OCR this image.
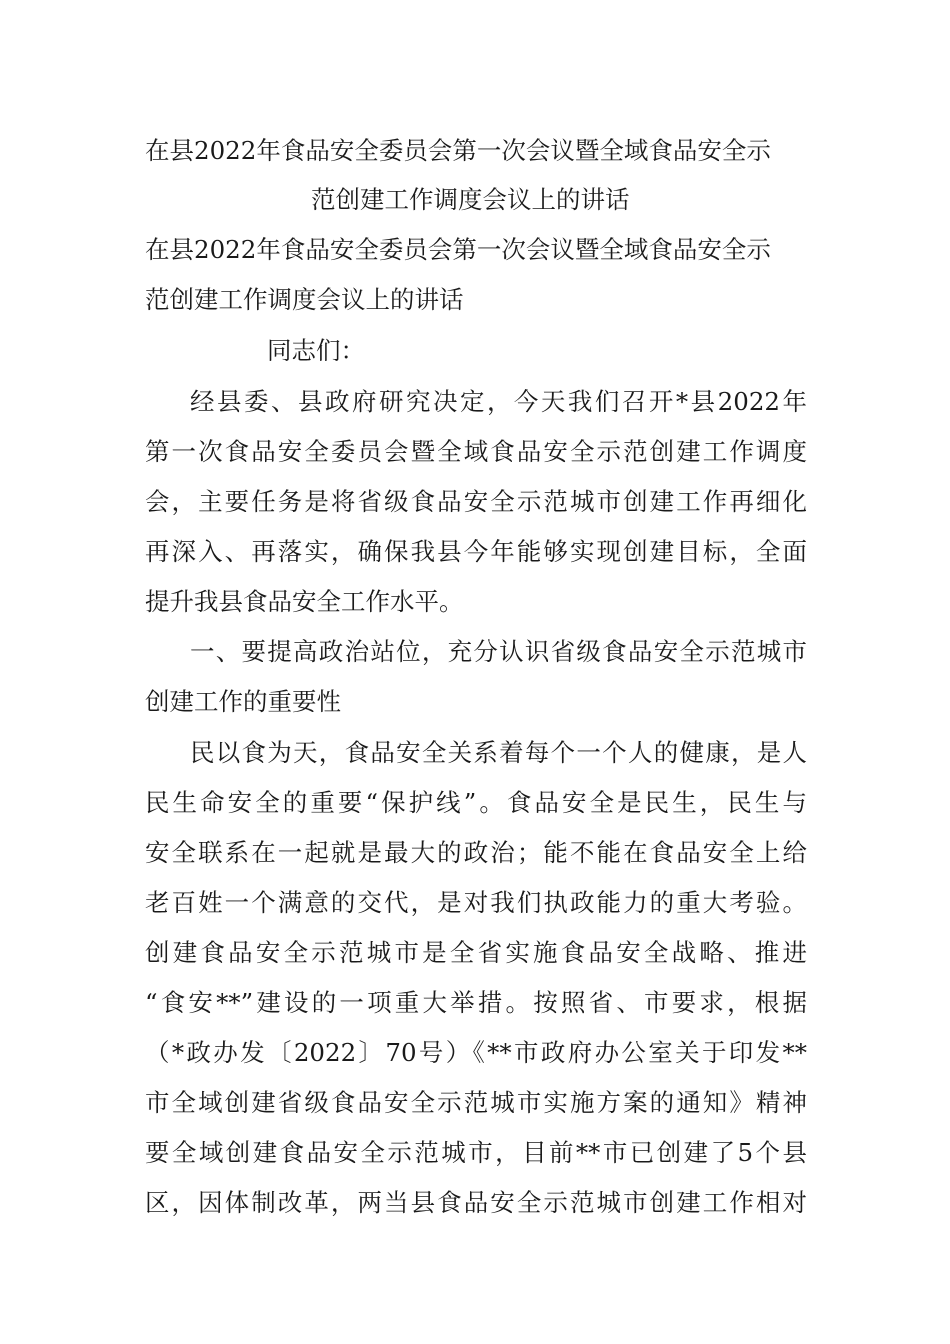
在县2022年食品安全委员会第一次会议暨全域食品安全示
范创建工作调度会议上的讲话
在县2022年食品安全委员会第一次会议暨全域食品安全示
范创建工作调度会议上的讲话
同志们：
经县委、县政府研究决定，今天我们召开*县2022年
第一次食品安全委员会暨全域食品安全示范创建工作调度
会，主要任务是将省级食品安全示范城市创建工作再细化
再深入、再落实，确保我县今年能够实现创建目标，全面
提升我县食品安全工作水平。
一、要提高政治站位，充分认识省级食品安全示范城市
创建工作的重要性
民以食为天，食品安全关系着每个一个人的健康，是人
民生命安全的重要“保护线”。食品安全是民生，民生与
安全联系在一起就是最大的政治；能不能在食品安全上给
老百姓一个满意的交代，是对我们执政能力的重大考验。
创建食品安全示范城市是全省实施食品安全战略、推进
“食安**”建设的一项重大举措。按照省、市要求，根据
（*政办发〔2022〕70号）《**市政府办公室关于印发**
市全域创建省级食品安全示范城市实施方案的通知》精神
要全域创建食品安全示范城市，目前**市已创建了5个县
区，因体制改革，两当县食品安全示范城市创建工作相对
